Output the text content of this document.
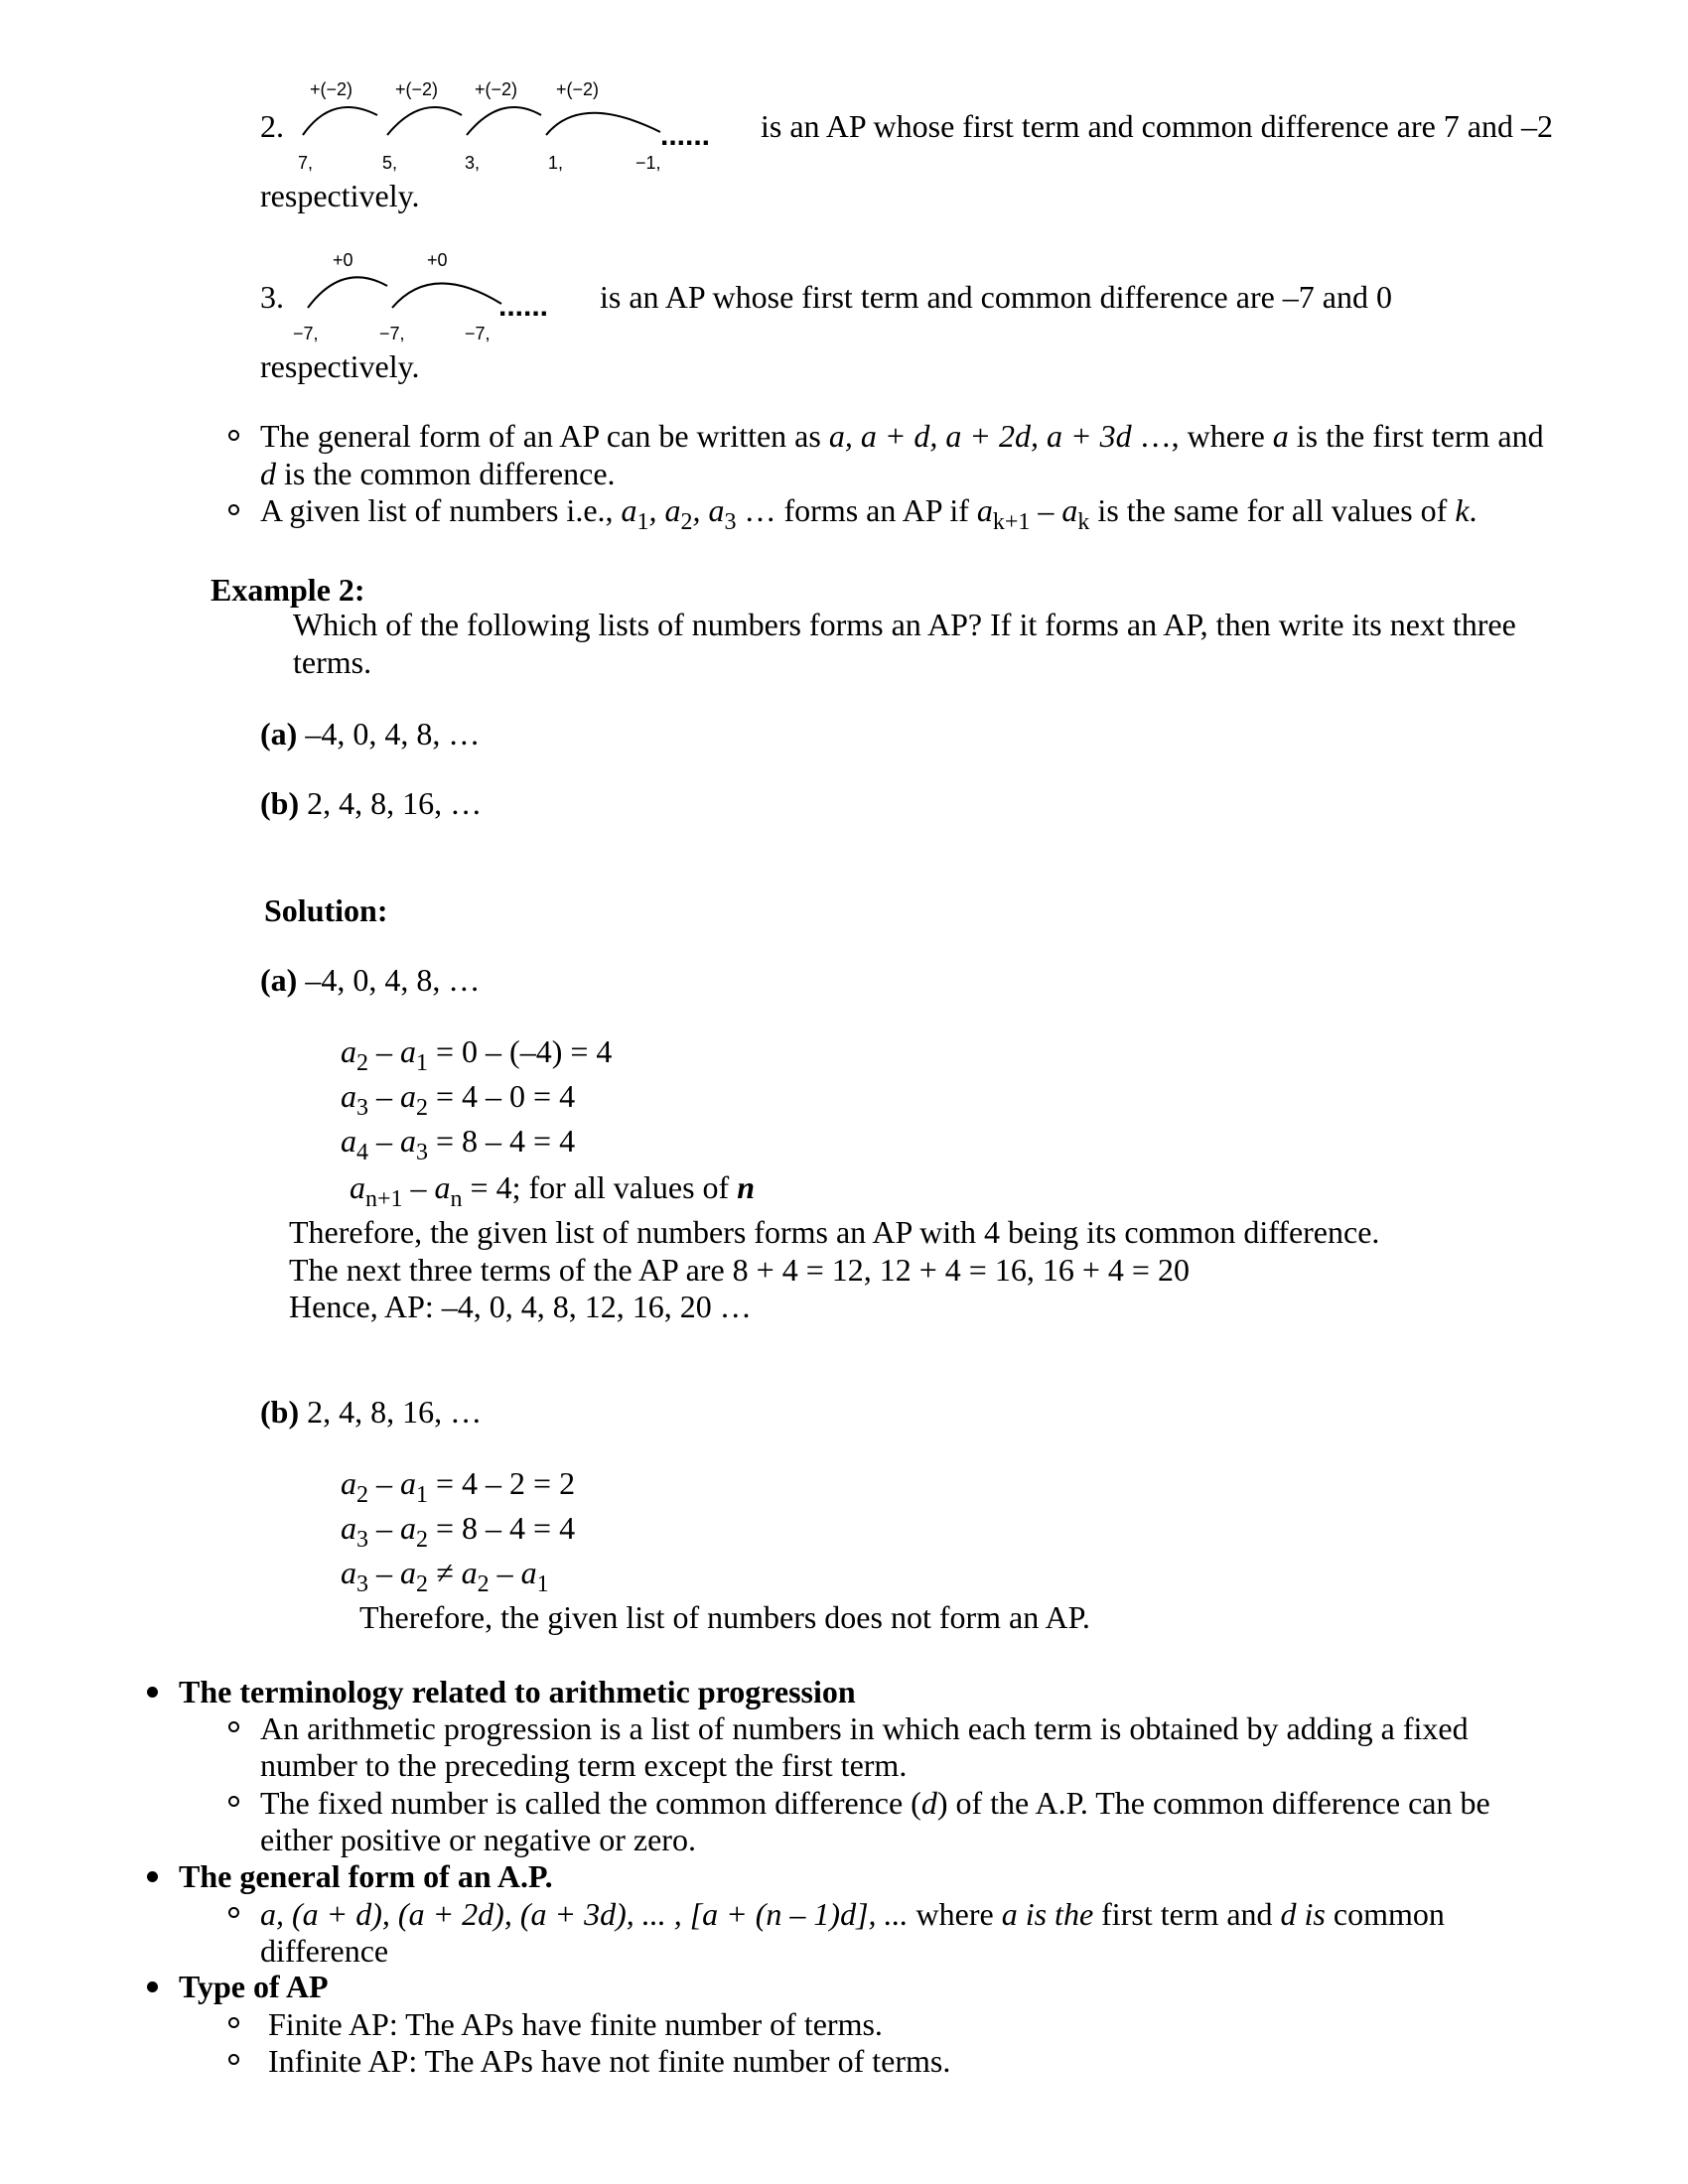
2.
+(−2) +(−2) +(−2) +(−2)
7,	5,	3,	1,	−1,
...... is an AP whose first term and common difference are 7 and –2
respectively.
3.
+0	+0
−7,	−7,	−7,
...... is an AP whose first term and common difference are –7 and 0
respectively.
The general form of an AP can be written as a, a + d, a + 2d, a + 3d …, where a is the first term and
d is the common difference.
A given list of numbers i.e., $a_1$, $a_2$, $a_3$ … forms an AP if $a_{k+1} - a_k$ is the same for all values of k.
Example 2:
Which of the following lists of numbers forms an AP? If it forms an AP, then write its next three
terms.
(a) –4, 0, 4, 8, …
(b) 2, 4, 8, 16, …
Solution:
(a) –4, 0, 4, 8, …
$a_2 - a_1 = 0 - (-4) = 4$
$a_3 - a_2 = 4 - 0 = 4$
$a_4 - a_3 = 8 - 4 = 4$
$a_{n+1} - a_n = 4$; for all values of n
Therefore, the given list of numbers forms an AP with 4 being its common difference.
The next three terms of the AP are 8 + 4 = 12, 12 + 4 = 16, 16 + 4 = 20
Hence, AP: –4, 0, 4, 8, 12, 16, 20 …
(b) 2, 4, 8, 16, …
$a_2 - a_1 = 4 - 2 = 2$
$a_3 - a_2 = 8 - 4 = 4$
$a_3 - a_2 \ne a_2 - a_1$
Therefore, the given list of numbers does not form an AP.
The terminology related to arithmetic progression
An arithmetic progression is a list of numbers in which each term is obtained by adding a fixed
number to the preceding term except the first term.
The fixed number is called the common difference (d) of the A.P. The common difference can be
either positive or negative or zero.
The general form of an A.P.
a, (a + d), (a + 2d), (a + 3d), ... , [a + (n – 1)d], ... where a is the first term and d is common
difference
Type of AP
Finite AP: The APs have finite number of terms.
Infinite AP: The APs have not finite number of terms.
